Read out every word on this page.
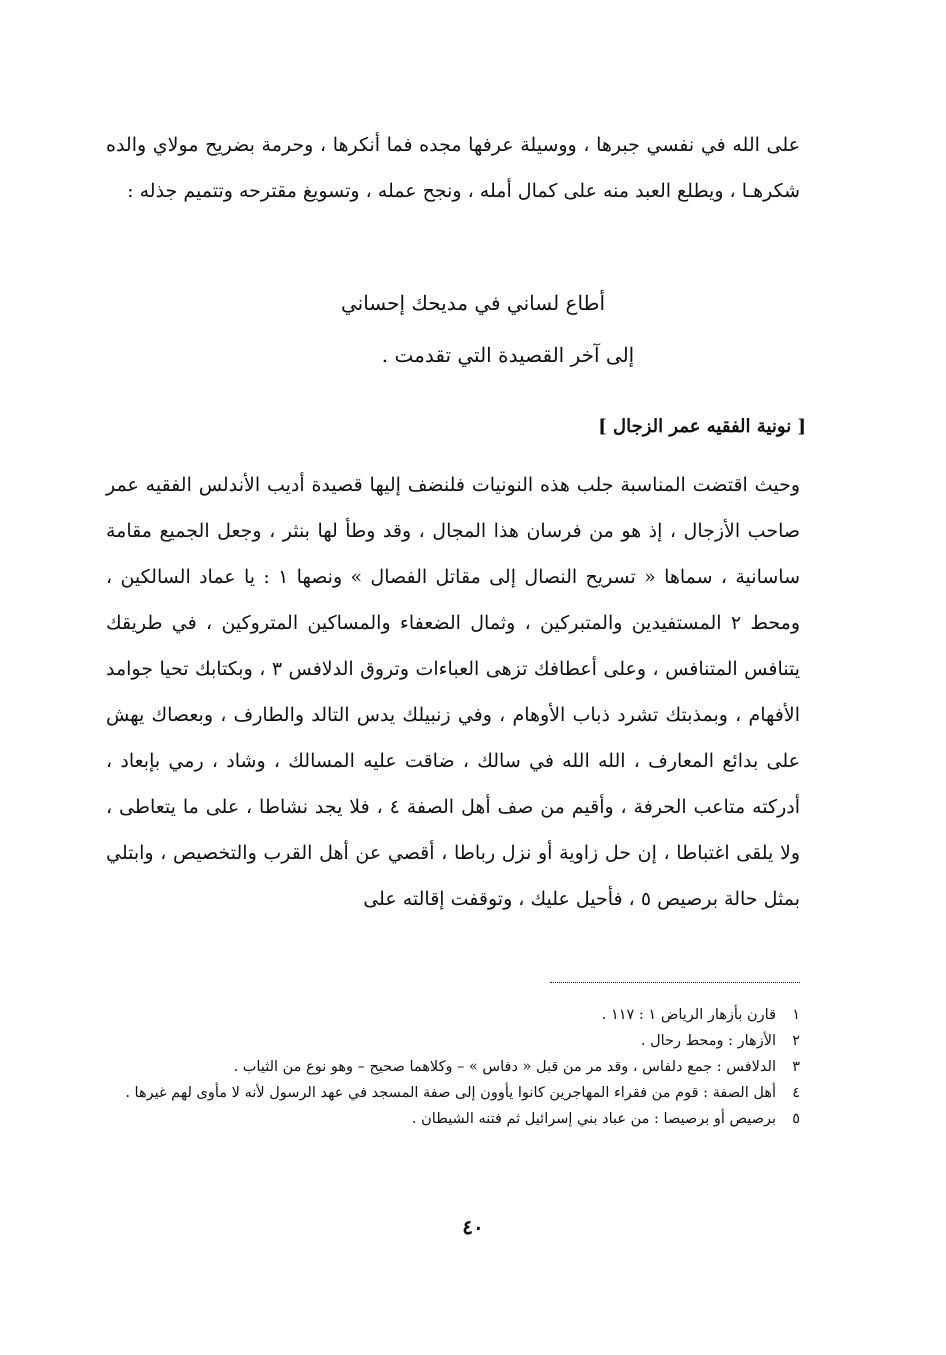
على الله في نفسي جبرها ، ووسيلة عرفها مجده فما أنكرها ، وحرمة بضريح مولاي والده شكرهـا ، ويطلع العبد منه على كمال أمله ، ونجح عمله ، وتسويغ مقترحه وتتميم جذله :

أطاع لساني في مديحك إحساني
إلى آخر القصيدة التي تقدمت .
[ نونية الفقيه عمر الزجال ]

وحيث اقتضت المناسبة جلب هذه النونيات فلنضف إليها قصيدة أديب الأندلس الفقيه عمر صاحب الأزجال ، إذ هو من فرسان هذا المجال ، وقد وطأ لها بنثر ، وجعل الجميع مقامة ساسانية ، سماها « تسريح النصال إلى مقاتل الفصال » ونصها ١ : يا عماد السالكين ، ومحط ٢ المستفيدين والمتبركين ، وثمال الضعفاء والمساكين المتروكين ، في طريقك يتنافس المتنافس ، وعلى أعطافك تزهى العباءات وتروق الدلافس ٣ ، وبكتابك تحيا جوامد الأفهام ، وبمذبتك تشرد ذباب الأوهام ، وفي زنبيلك يدس التالد والطارف ، وبعصاك يهش على بدائع المعارف ، الله الله في سالك ، ضاقت عليه المسالك ، وشاد ، رمي بإبعاد ، أدركته متاعب الحرفة ، وأقيم من صف أهل الصفة ٤ ، فلا يجد نشاطا ، على ما يتعاطى ، ولا يلقى اغتباطا ، إن حل زاوية أو نزل رباطا ، أقصي عن أهل القرب والتخصيص ، وابتلي بمثل حالة برصيص ٥ ، فأحيل عليك ، وتوقفت إقالته على

١
قارن بأزهار الرياض ١ : ١١٧ .
٢
الأزهار : ومحط رحال .
٣
الدلافس : جمع دلفاس ، وقد مر من قبل « دفاس » – وكلاهما صحيح – وهو نوع من الثياب .
٤
أهل الصفة : قوم من فقراء المهاجرين كانوا يأوون إلى صفة المسجد في عهد الرسول لأنه لا مأوى لهم غيرها .
٥
برصيص أو برصيصا : من عباد بني إسرائيل ثم فتنه الشيطان .
٤٠
